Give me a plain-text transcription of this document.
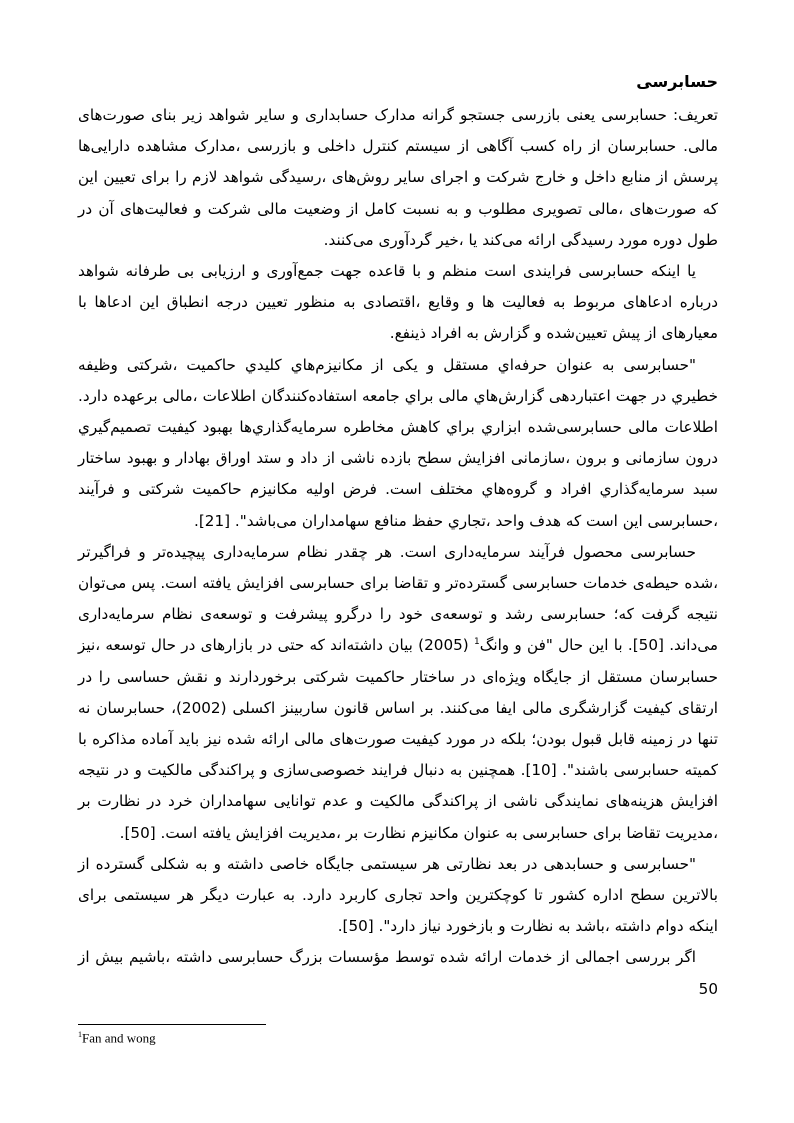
حسابرسی

تعریف: حسابرسی یعنی بازرسی جستجو گرانه مدارک حسابداری و سایر شواهد زیر بنای صورت‌های مالی. حسابرسان از راه کسب آگاهی از سیستم کنترل داخلی و بازرسی ،مدارک مشاهده دارایی‌ها پرسش از منابع داخل و خارج شرکت و اجرای سایر روش‌های ،رسیدگی شواهد لازم را برای تعیین این که صورت‌های ،مالی تصویری مطلوب و به نسبت کامل از وضعیت مالی شرکت و فعالیت‌های آن در طول دوره مورد رسیدگی ارائه می‌کند یا ،خیر گردآوری می‌کنند.

یا اینکه حسابرسی فرایندی است منظم و با قاعده جهت جمع‌آوری و ارزیابی بی طرفانه شواهد درباره ادعاهای مربوط به فعالیت ها و وقایع ،اقتصادی به منظور تعیین درجه انطباق این ادعاها با معیارهای از پیش تعیین‌شده و گزارش به افراد ذینفع.

"حسابرسی به عنوان حرفه‌اي مستقل و یکی از مکانیزم‌هاي کلیدي حاکمیت ،شرکتی وظیفه خطیري در جهت اعتباردهی گزارش‌هاي مالی براي جامعه استفاده‌کنندگان اطلاعات ،مالی برعهده دارد. اطلاعات مالی حسابرسی‌شده ابزاري براي کاهش مخاطره سرمایه‌گذاري‌ها بهبود کیفیت تصمیم‌گیري درون سازمانی و برون ،سازمانی افزایش سطح بازده ناشی از داد و ستد اوراق بهادار و بهبود ساختار سبد سرمایه‌گذاري افراد و گروه‌هاي مختلف است. فرض اولیه مکانیزم حاکمیت شرکتی و فرآیند ،حسابرسی این است که هدف واحد ،تجاري حفظ منافع سهامداران می‌باشد". [21].

حسابرسی محصول فرآیند سرمایه‌داری است. هر چقدر نظام سرمایه‌داری پیچیده‌تر و فراگیرتر ،شده حیطه‌ی خدمات حسابرسی گسترده‌تر و تقاضا برای حسابرسی افزایش یافته است. پس می‌توان نتیجه گرفت که؛ حسابرسی رشد و توسعه‌ی خود را درگرو پیشرفت و توسعه‌ی نظام سرمایه‌داری می‌داند. [50]. با این حال "فن و وانگ$^1$ (2005) بیان داشته‌اند که حتی در بازارهای در حال توسعه ،نیز حسابرسان مستقل از جایگاه ویژه‌ای در ساختار حاکمیت شرکتی برخوردارند و نقش حساسی را در ارتقای کیفیت گزارشگری مالی ایفا می‌کنند. بر اساس قانون ساربینز اکسلی (2002)، حسابرسان نه تنها در زمینه قابل قبول بودن؛ بلکه در مورد کیفیت صورت‌های مالی ارائه شده نیز باید آماده مذاکره با کمیته حسابرسی باشند". [10]. همچنین به دنبال فرایند خصوصی‌سازی و پراکندگی مالکیت و در نتیجه افزایش هزینه‌های نمایندگی ناشی از پراکندگی مالکیت و عدم توانایی سهامداران خرد در نظارت بر ،مدیریت تقاضا برای حسابرسی به عنوان مکانیزم نظارت بر ،مدیریت افزایش یافته است. [50].

"حسابرسی و حسابدهی در بعد نظارتی هر سیستمی جایگاه خاصی داشته و به شکلی گسترده از بالاترین سطح اداره کشور تا کوچکترین واحد تجاری کاربرد دارد. به عبارت دیگر هر سیستمی برای اینکه دوام داشته ،باشد به نظارت و بازخورد نیاز دارد". [50].

اگر بررسی اجمالی از خدمات ارائه شده توسط مؤسسات بزرگ حسابرسی داشته ،باشیم بیش از 50

$^1$Fan and wong
